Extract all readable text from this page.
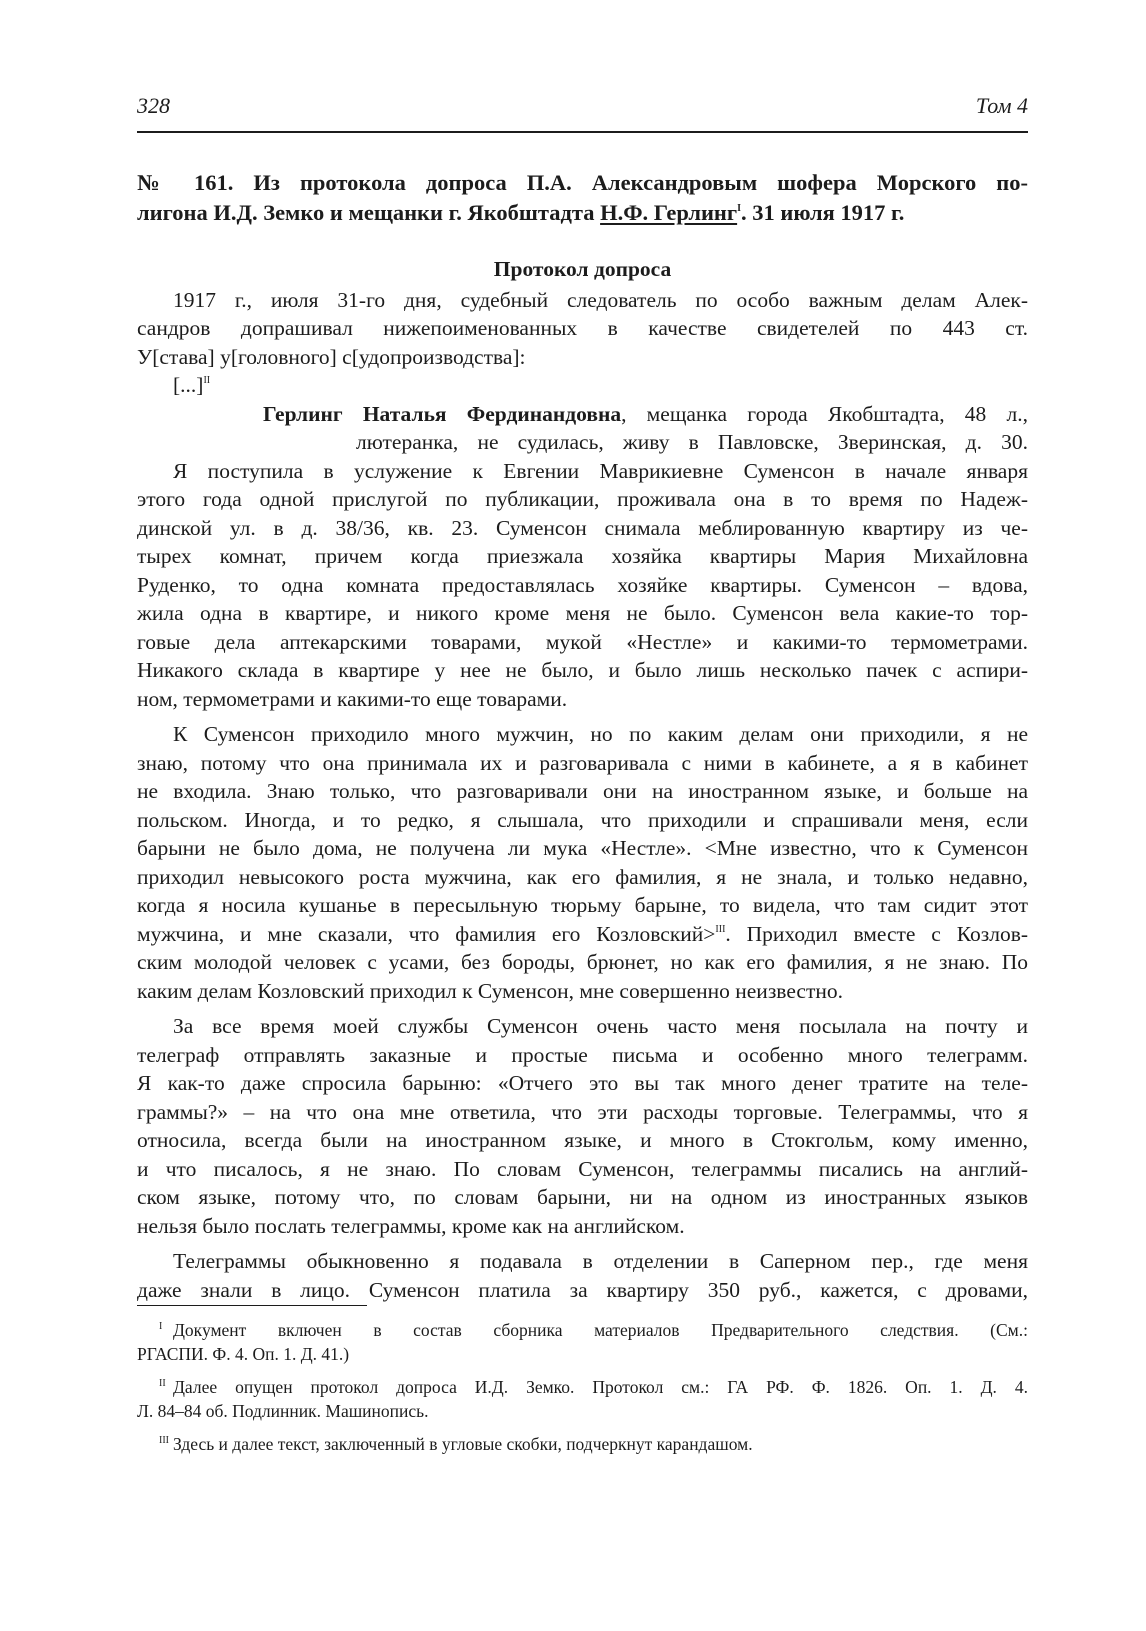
328	Том 4
№ 161. Из протокола допроса П.А. Александровым шофера Морского по-
лигона И.Д. Земко и мещанки г. Якобштадта Н.Ф. Герлинг$^I$. 31 июля 1917 г.
Протокол допроса
1917 г., июля 31-го дня, судебный следователь по особо важным делам Алек-
сандров допрашивал нижепоименованных в качестве свидетелей по 443 ст.
У[става] у[головного] с[удопроизводства]:
[...]$^{II}$
Герлинг Наталья Фердинандовна, мещанка города Якобштадта, 48 л.,
лютеранка, не судилась, живу в Павловске, Зверинская, д. 30.
Я поступила в услужение к Евгении Маврикиевне Суменсон в начале января
этого года одной прислугой по публикации, проживала она в то время по Надеж-
динской ул. в д. 38/36, кв. 23. Суменсон снимала меблированную квартиру из че-
тырех комнат, причем когда приезжала хозяйка квартиры Мария Михайловна
Руденко, то одна комната предоставлялась хозяйке квартиры. Суменсон – вдова,
жила одна в квартире, и никого кроме меня не было. Суменсон вела какие-то тор-
говые дела аптекарскими товарами, мукой «Нестле» и какими-то термометрами.
Никакого склада в квартире у нее не было, и было лишь несколько пачек с аспири-
ном, термометрами и какими-то еще товарами.
К Суменсон приходило много мужчин, но по каким делам они приходили, я не
знаю, потому что она принимала их и разговаривала с ними в кабинете, а я в кабинет
не входила. Знаю только, что разговаривали они на иностранном языке, и больше на
польском. Иногда, и то редко, я слышала, что приходили и спрашивали меня, если
барыни не было дома, не получена ли мука «Нестле». <Мне известно, что к Суменсон
приходил невысокого роста мужчина, как его фамилия, я не знала, и только недавно,
когда я носила кушанье в пересыльную тюрьму барыне, то видела, что там сидит этот
мужчина, и мне сказали, что фамилия его Козловский>$^{III}$. Приходил вместе с Козлов-
ским молодой человек с усами, без бороды, брюнет, но как его фамилия, я не знаю. По
каким делам Козловский приходил к Суменсон, мне совершенно неизвестно.
За все время моей службы Суменсон очень часто меня посылала на почту и
телеграф отправлять заказные и простые письма и особенно много телеграмм.
Я как-то даже спросила барыню: «Отчего это вы так много денег тратите на теле-
граммы?» – на что она мне ответила, что эти расходы торговые. Телеграммы, что я
относила, всегда были на иностранном языке, и много в Стокгольм, кому именно,
и что писалось, я не знаю. По словам Суменсон, телеграммы писались на англий-
ском языке, потому что, по словам барыни, ни на одном из иностранных языков
нельзя было послать телеграммы, кроме как на английском.
Телеграммы обыкновенно я подавала в отделении в Саперном пер., где меня
даже знали в лицо. Суменсон платила за квартиру 350 руб., кажется, с дровами,
I Документ включен в состав сборника материалов Предварительного следствия. (См.:
РГАСПИ. Ф. 4. Оп. 1. Д. 41.)
II Далее опущен протокол допроса И.Д. Земко. Протокол см.: ГА РФ. Ф. 1826. Оп. 1. Д. 4.
Л. 84–84 об. Подлинник. Машинопись.
III Здесь и далее текст, заключенный в угловые скобки, подчеркнут карандашом.
